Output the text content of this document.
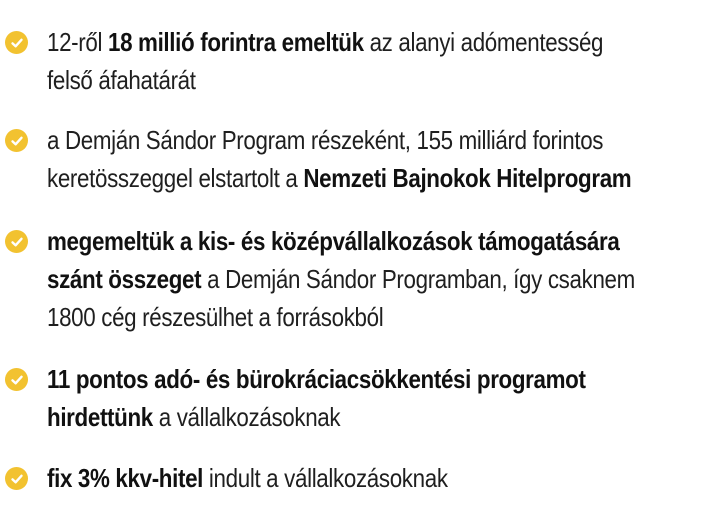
12-ről 18 millió forintra emeltük az alanyi adómentesség
felső áfahatárát
a Demján Sándor Program részeként, 155 milliárd forintos
keretösszeggel elstartolt a Nemzeti Bajnokok Hitelprogram
megemeltük a kis- és középvállalkozások támogatására
szánt összeget a Demján Sándor Programban, így csaknem
1800 cég részesülhet a forrásokból
11 pontos adó- és bürokráciacsökkentési programot
hirdettünk a vállalkozásoknak
fix 3% kkv-hitel indult a vállalkozásoknak
